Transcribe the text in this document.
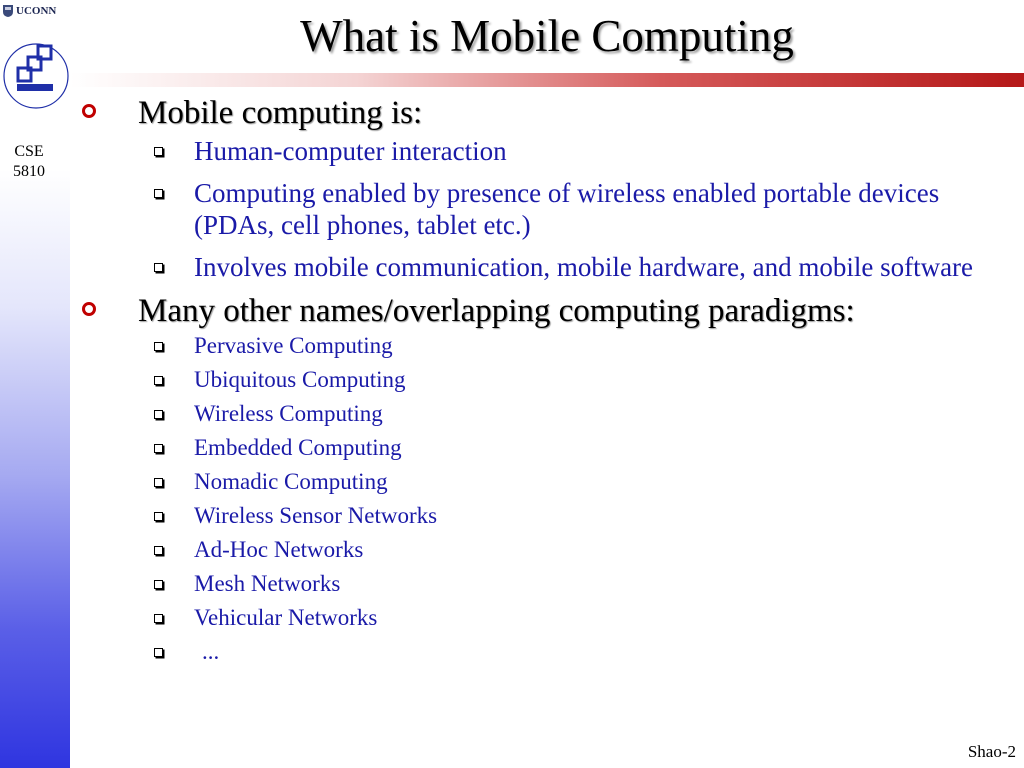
UCONN
CSE
5810
What is Mobile Computing
Mobile computing is:
Human-computer interaction
Computing enabled by presence of wireless enabled portable devices (PDAs, cell phones, tablet etc.)
Involves mobile communication, mobile hardware, and mobile software
Many other names/overlapping computing paradigms:
Pervasive Computing
Ubiquitous Computing
Wireless Computing
Embedded Computing
Nomadic Computing
Wireless Sensor Networks
Ad-Hoc Networks
Mesh Networks
Vehicular Networks
...
Shao-2
